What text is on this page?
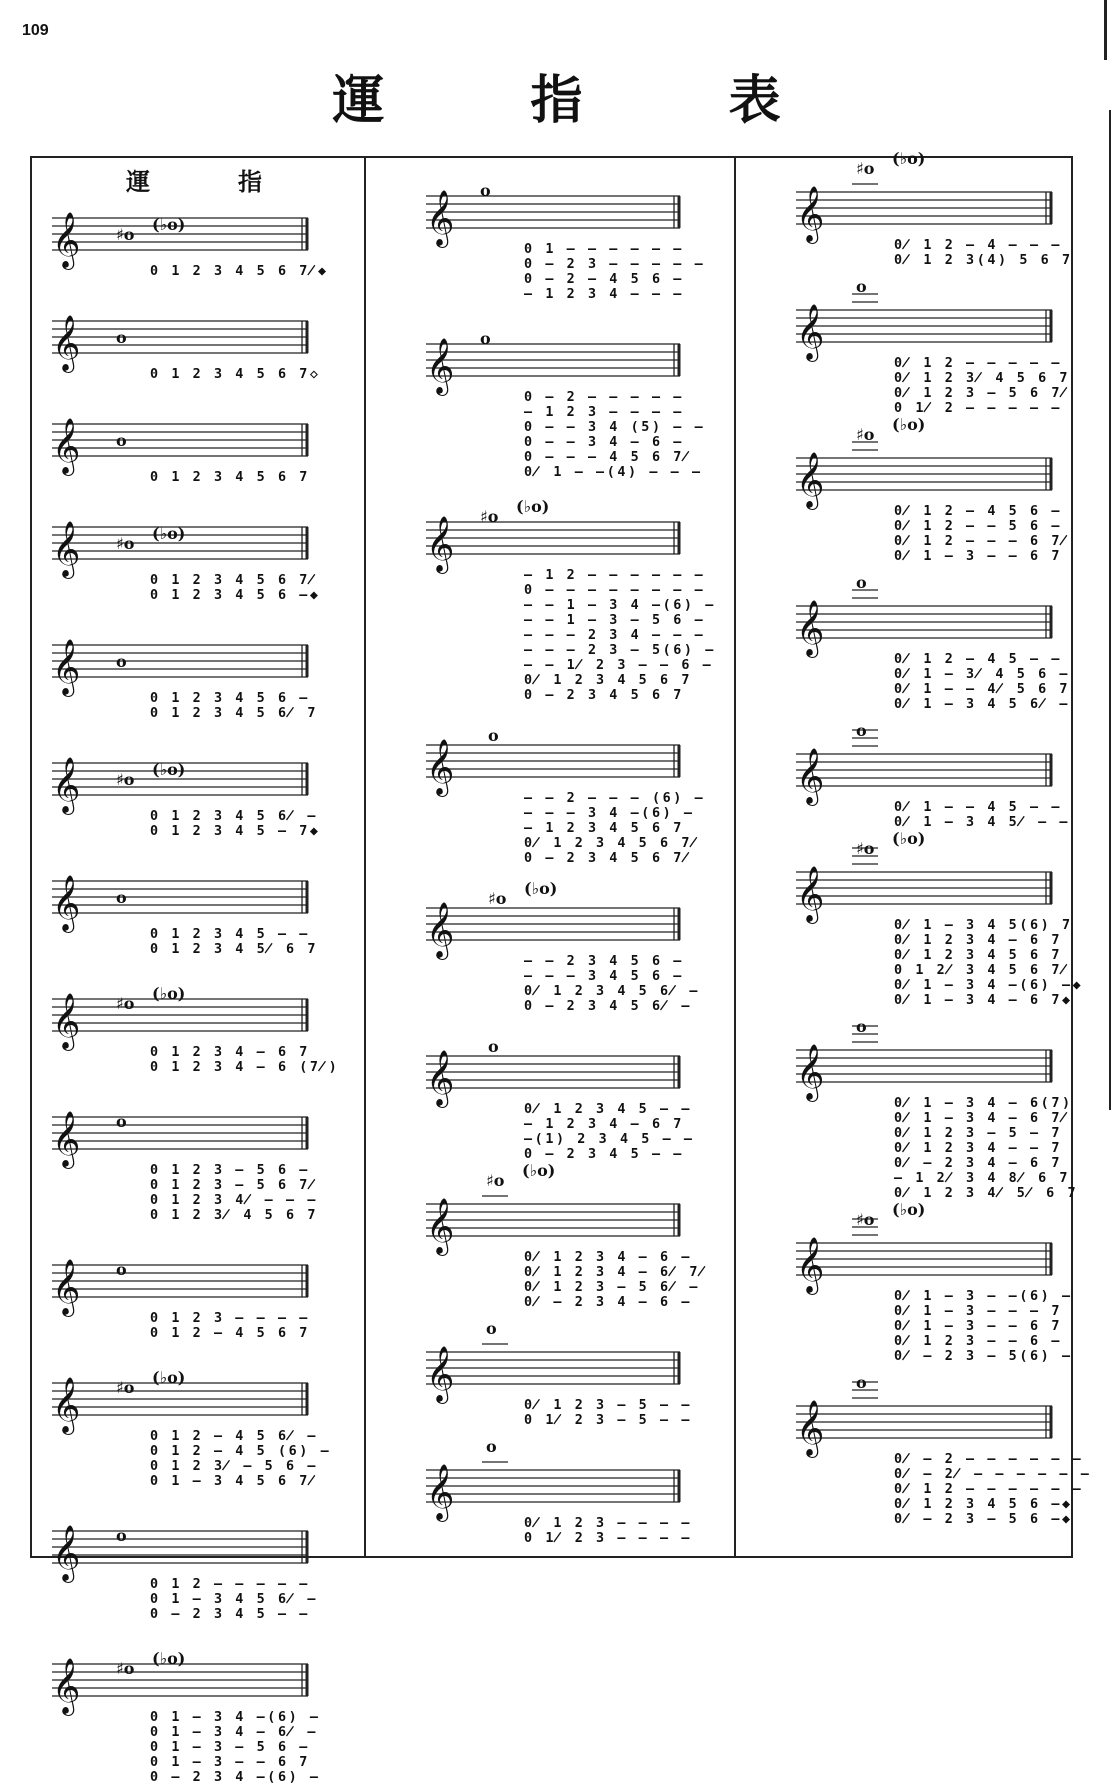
109
運 指 表
運　指
𝄞 ♯o
(♭o)
0 1 2 3 4 5 6 7̸◆
𝄞 o
0 1 2 3 4 5 6 7◇
𝄞 o
0 1 2 3 4 5 6 7
𝄞 ♯o
(♭o)
0 1 2 3 4 5 6 7̸
0 1 2 3 4 5 6 –◆
𝄞 o
0 1 2 3 4 5 6 –
0 1 2 3 4 5 6̸ 7
𝄞 ♯o
(♭o)
0 1 2 3 4 5 6̸ –
0 1 2 3 4 5 – 7◆
𝄞 o
0 1 2 3 4 5 – –
0 1 2 3 4 5̸ 6 7
𝄞 ♯o
(♭o)
0 1 2 3 4 – 6 7
0 1 2 3 4 – 6 (7̸)
𝄞 o
0 1 2 3 – 5 6 –
0 1 2 3 – 5 6 7̸
0 1 2 3 4̸ – – –
0 1 2 3̸ 4 5 6 7
𝄞 o
0 1 2 3 – – – –
0 1 2 – 4 5 6 7
𝄞 ♯o
(♭o)
0 1 2 – 4 5 6̸ –
0 1 2 – 4 5 (6) –
0 1 2 3̸ – 5 6 –
0 1 – 3 4 5 6 7̸
𝄞 o
0 1 2 – – – – –
0 1 – 3 4 5 6̸ –
0 – 2 3 4 5 – –
𝄞 ♯o
(♭o)
0 1 – 3 4 –(6) –
0 1 – 3 4 – 6̸ –
0 1 – 3 – 5 6 –
0 1 – 3 – – 6 7
0 – 2 3 4 –(6) –
𝄞 o
0 1 – – – – – –
0 – 2 3 – – – – –
0 – 2 – 4 5 6 –
– 1 2 3 4 – – –
𝄞 o
0 – 2 – – – – –
– 1 2 3 – – – –
0 – – 3 4 (5) – –
0 – – 3 4 – 6 –
0 – – – 4 5 6 7̸
0̸ 1 – –(4) – – –
𝄞 ♯o
(♭o)
– 1 2 – – – – – –
0 – – – – – – – –
– – 1 – 3 4 –(6) –
– – 1 – 3 – 5 6 –
– – – 2 3 4 – – –
– – – 2 3 – 5(6) –
– – 1̸ 2 3 – – 6 –
0̸ 1 2 3 4 5 6 7
0 – 2 3 4 5 6 7
𝄞
o
– – 2 – – – (6) –
– – – 3 4 –(6) –
– 1 2 3 4 5 6 7
0̸ 1 2 3 4 5 6 7̸
0 – 2 3 4 5 6 7̸
𝄞
♯o
(♭o)
– – 2 3 4 5 6 –
– – – 3 4 5 6 –
0̸ 1 2 3 4 5 6̸ –
0 – 2 3 4 5 6̸ –
𝄞
o
0̸ 1 2 3 4 5 – –
– 1 2 3 4 – 6 7
–(1) 2 3 4 5 – –
0 – 2 3 4 5 – –
𝄞
♯o
(♭o)
0̸ 1 2 3 4 – 6 –
0̸ 1 2 3 4 – 6̸ 7̸
0̸ 1 2 3 – 5 6̸ –
0̸ – 2 3 4 – 6 –
𝄞
o
0̸ 1 2 3 – 5 – –
0 1̸ 2 3 – 5 – –
𝄞
o
0̸ 1 2 3 – – – –
0 1̸ 2 3 – – – –
𝄞
♯o
(♭o)
0̸ 1 2 – 4 – – –
0̸ 1 2 3(4) 5 6 7
𝄞
o
0̸ 1 2 – – – – –
0̸ 1 2 3̸ 4 5 6 7
0̸ 1 2 3 – 5 6 7̸
0 1̸ 2 – – – – –
𝄞
♯o
(♭o)
0̸ 1 2 – 4 5 6 –
0̸ 1 2 – – 5 6 –
0̸ 1 2 – – – 6 7̸
0̸ 1 – 3 – – 6 7
𝄞
o
0̸ 1 2 – 4 5 – –
0̸ 1 – 3̸ 4 5 6 –
0̸ 1 – – 4̸ 5 6 7
0̸ 1 – 3 4 5 6̸ –
𝄞
o
0̸ 1 – – 4 5 – –
0̸ 1 – 3 4 5̸ – –
𝄞
♯o
(♭o)
0̸ 1 – 3 4 5(6) 7
0̸ 1 2 3 4 – 6 7
0̸ 1 2 3 4 5 6 7
0 1 2̸ 3 4 5 6 7̸
0̸ 1 – 3 4 –(6) –◆
0̸ 1 – 3 4 – 6 7◆
𝄞
o
0̸ 1 – 3 4 – 6(7)
0̸ 1 – 3 4 – 6 7̸
0̸ 1 2 3 – 5 – 7
0̸ 1 2 3 4 – – 7
0̸ – 2 3 4 – 6 7
– 1 2̸ 3 4 8̸ 6 7
0̸ 1 2 3 4̸ 5̸ 6 7
𝄞
♯o
(♭o)
0̸ 1 – 3 – –(6) –
0̸ 1 – 3 – – – 7
0̸ 1 – 3 – – 6 7
0̸ 1 2 3 – – 6 –
0̸ – 2 3 – 5(6) –
𝄞
o
0̸ – 2 – – – – – –
0̸ – 2̸ – – – – – –
0̸ 1 2 – – – – – –
0̸ 1 2 3 4 5 6 –◆
0̸ – 2 3 – 5 6 –◆
